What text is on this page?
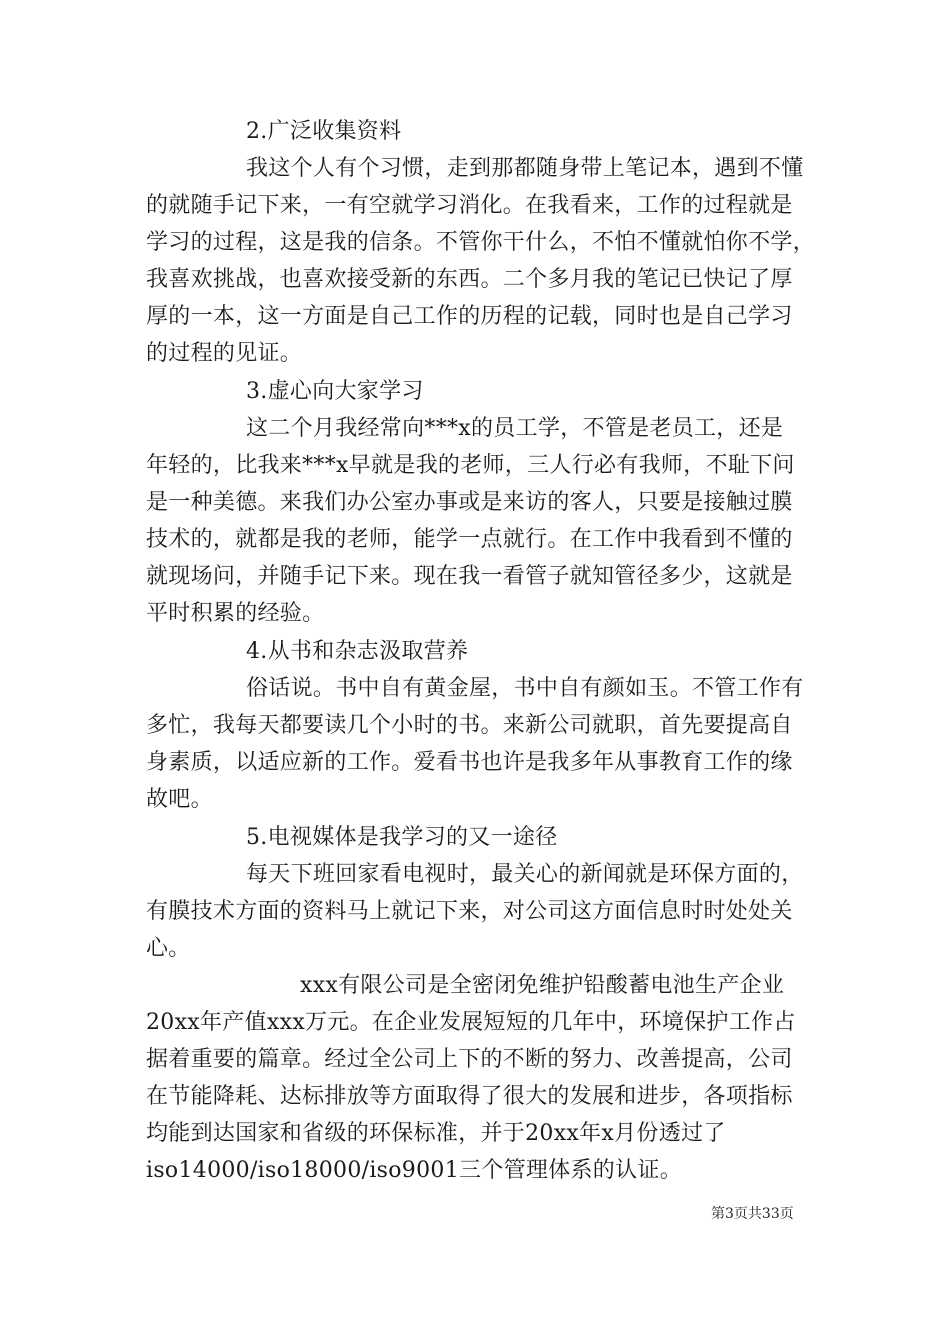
2.广泛收集资料
我这个人有个习惯，走到那都随身带上笔记本，遇到不懂
的就随手记下来，一有空就学习消化。在我看来，工作的过程就是
学习的过程，这是我的信条。不管你干什么，不怕不懂就怕你不学，
我喜欢挑战，也喜欢接受新的东西。二个多月我的笔记已快记了厚
厚的一本，这一方面是自己工作的历程的记载，同时也是自己学习
的过程的见证。
3.虚心向大家学习
这二个月我经常向***x的员工学，不管是老员工，还是
年轻的，比我来***x早就是我的老师，三人行必有我师，不耻下问
是一种美德。来我们办公室办事或是来访的客人，只要是接触过膜
技术的，就都是我的老师，能学一点就行。在工作中我看到不懂的
就现场问，并随手记下来。现在我一看管子就知管径多少，这就是
平时积累的经验。
4.从书和杂志汲取营养
俗话说。书中自有黄金屋，书中自有颜如玉。不管工作有
多忙，我每天都要读几个小时的书。来新公司就职，首先要提高自
身素质，以适应新的工作。爱看书也许是我多年从事教育工作的缘
故吧。
5.电视媒体是我学习的又一途径
每天下班回家看电视时，最关心的新闻就是环保方面的，
有膜技术方面的资料马上就记下来，对公司这方面信息时时处处关
心。
xxx有限公司是全密闭免维护铅酸蓄电池生产企业
20xx年产值xxx万元。在企业发展短短的几年中，环境保护工作占
据着重要的篇章。经过全公司上下的不断的努力、改善提高，公司
在节能降耗、达标排放等方面取得了很大的发展和进步，各项指标
均能到达国家和省级的环保标准，并于20xx年x月份透过了
iso14000/iso18000/iso9001三个管理体系的认证。
第3页共33页
